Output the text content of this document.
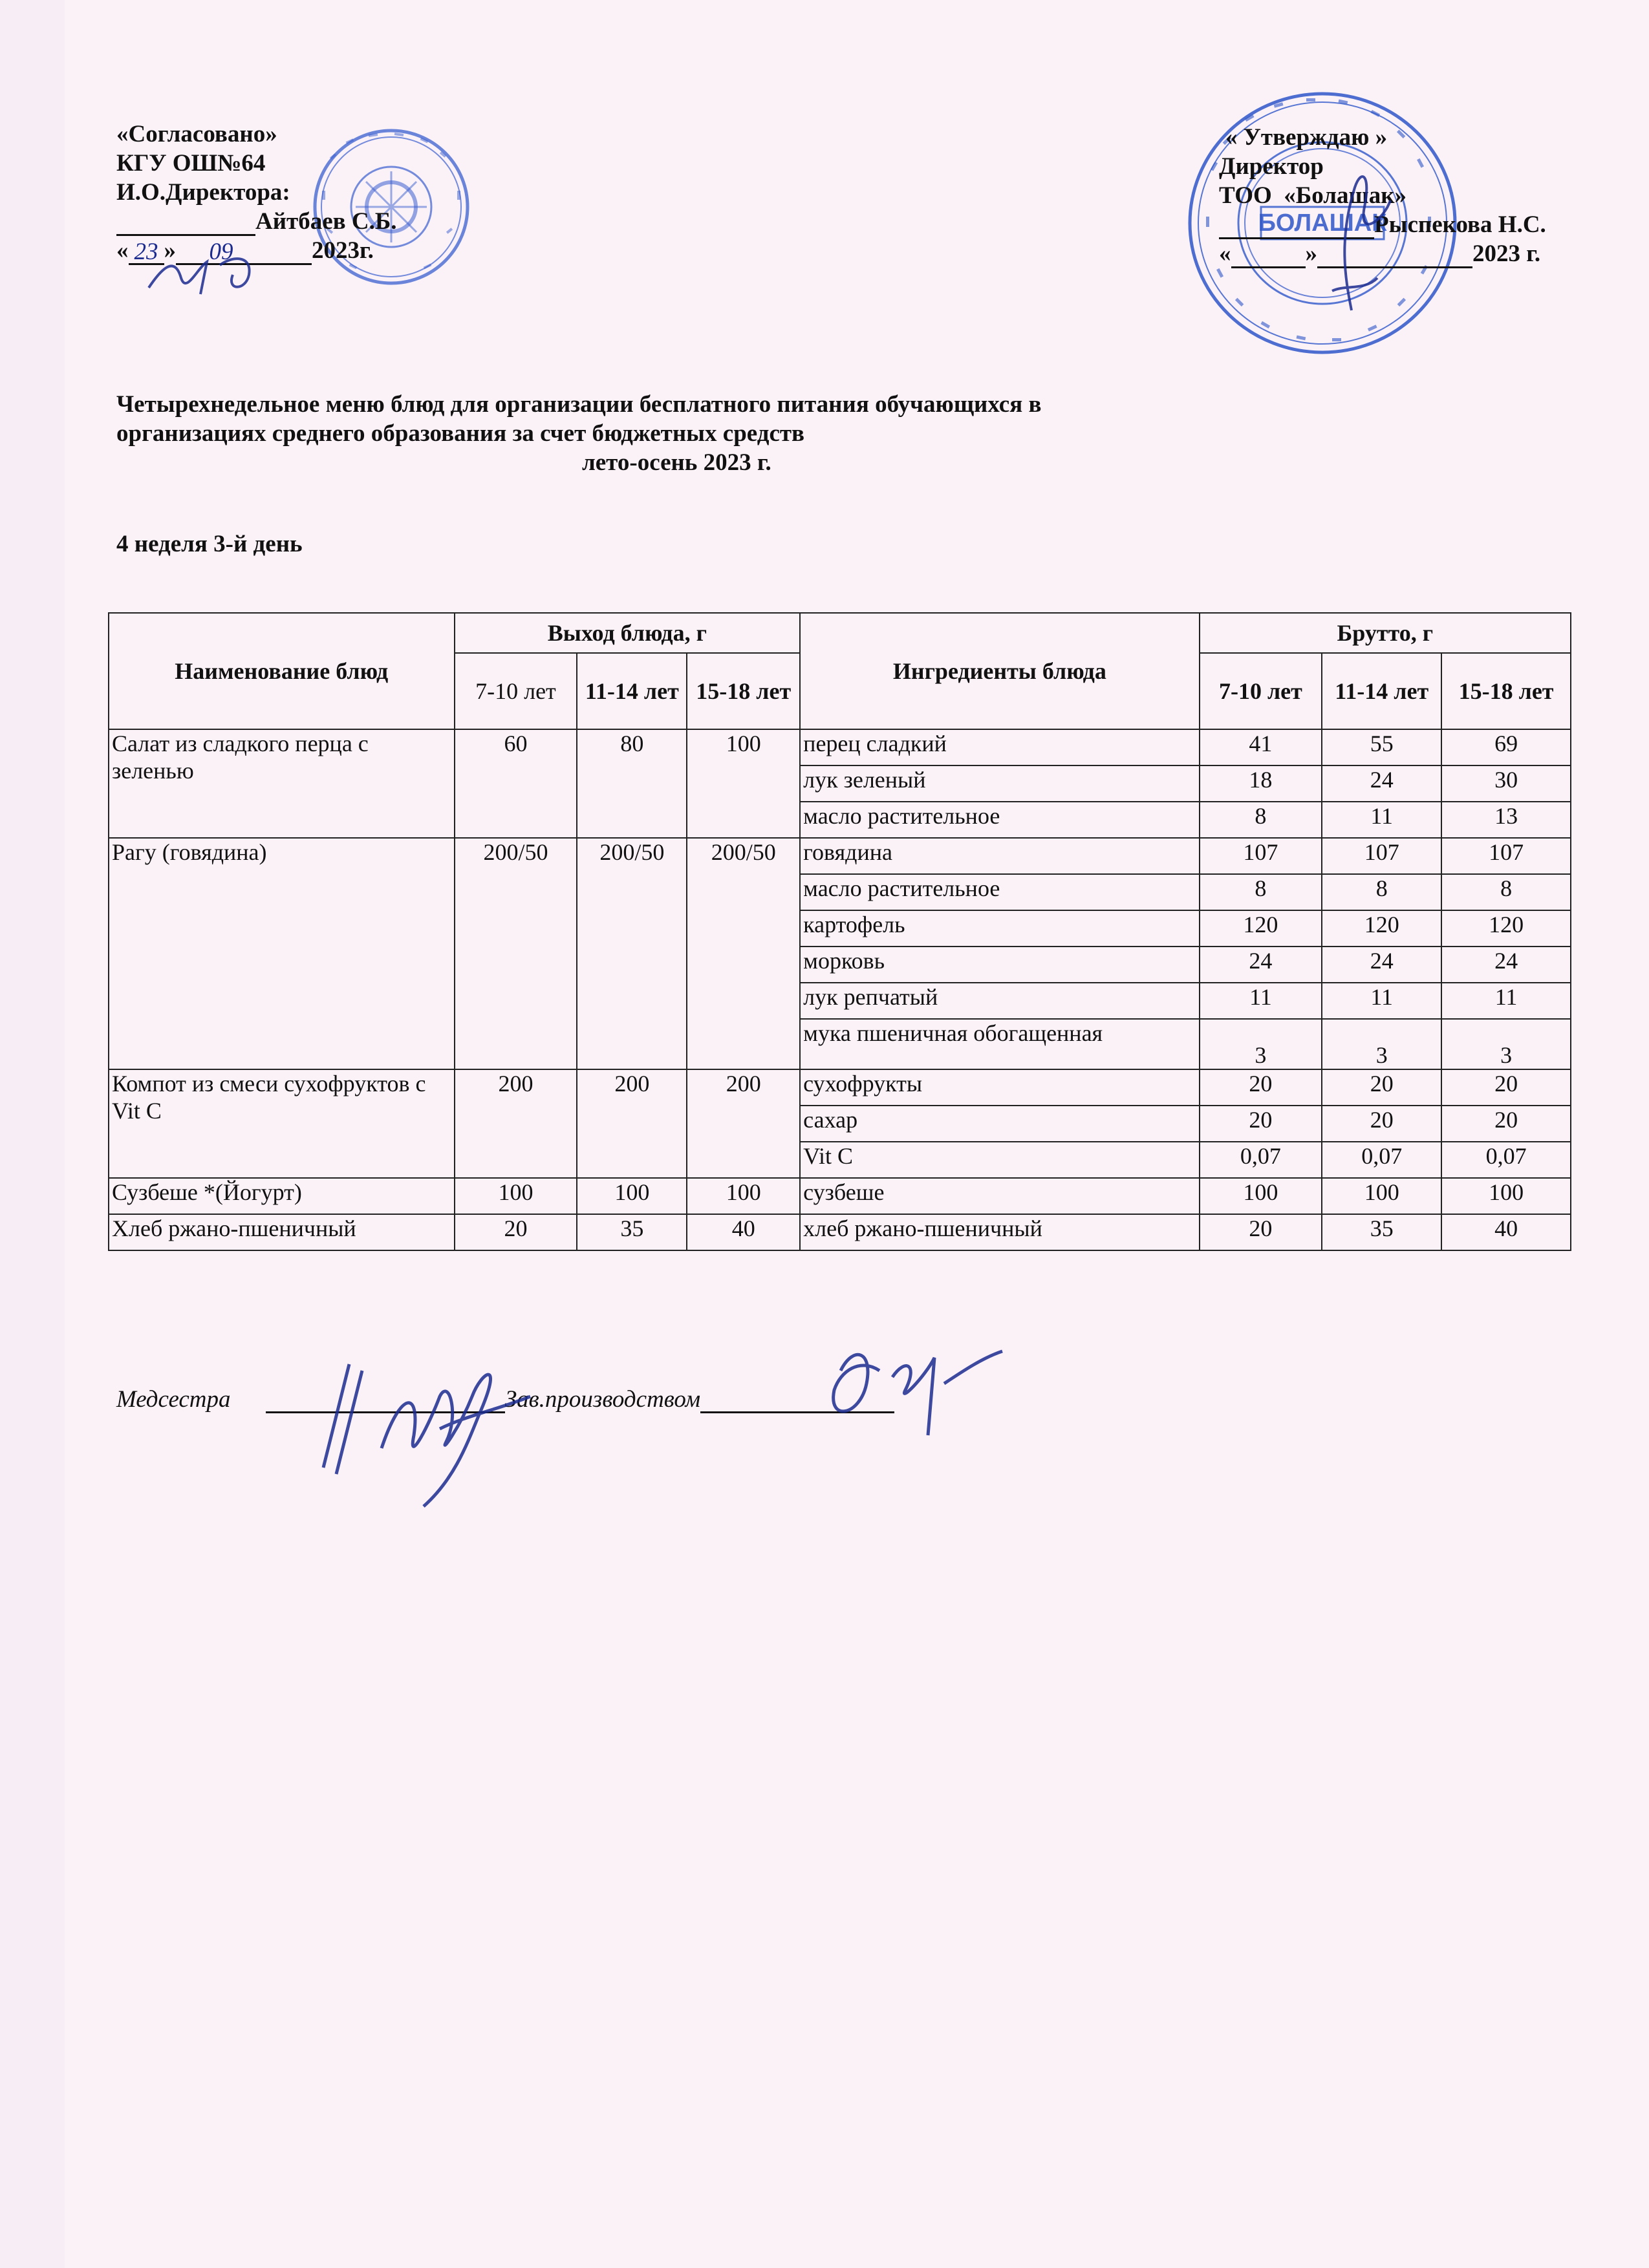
БОЛАШАК
«Согласовано»
КГУ ОШ№64
И.О.Директора:
Айтбаев С.Б.
« 23 » 09	2023г.
« Утверждаю »
Директор
ТОО  «Болашак»
Рыспекова Н.С.
«	»	2023 г.
Четырехнедельное меню блюд для организации бесплатного питания обучающихся в
организациях среднего образования за счет бюджетных средств
лето-осень 2023 г.
4 неделя 3-й день
Наименование блюд	Выход блюда, г			Ингредиенты блюда	Брутто, г		
	7-10 лет	11-14 лет	15-18 лет		7-10 лет	11-14 лет	15-18 лет
Салат из сладкого перца с зеленью	60	80	100	перец сладкий	41	55	69
				лук зеленый	18	24	30
				масло растительное	8	11	13
Рагу (говядина)	200/50	200/50	200/50	говядина	107	107	107
				масло растительное	8	8	8
				картофель	120	120	120
				морковь	24	24	24
				лук репчатый	11	11	11
				мука пшеничная обогащенная	3	3	3
Компот из смеси сухофруктов с Vit C	200	200	200	сухофрукты	20	20	20
				сахар	20	20	20
				Vit C	0,07	0,07	0,07
Сузбеше *(Йогурт)	100	100	100	сузбеше	100	100	100
Хлеб ржано-пшеничный	20	35	40	хлеб ржано-пшеничный	20	35	40
Медсестра	Зав.производством
